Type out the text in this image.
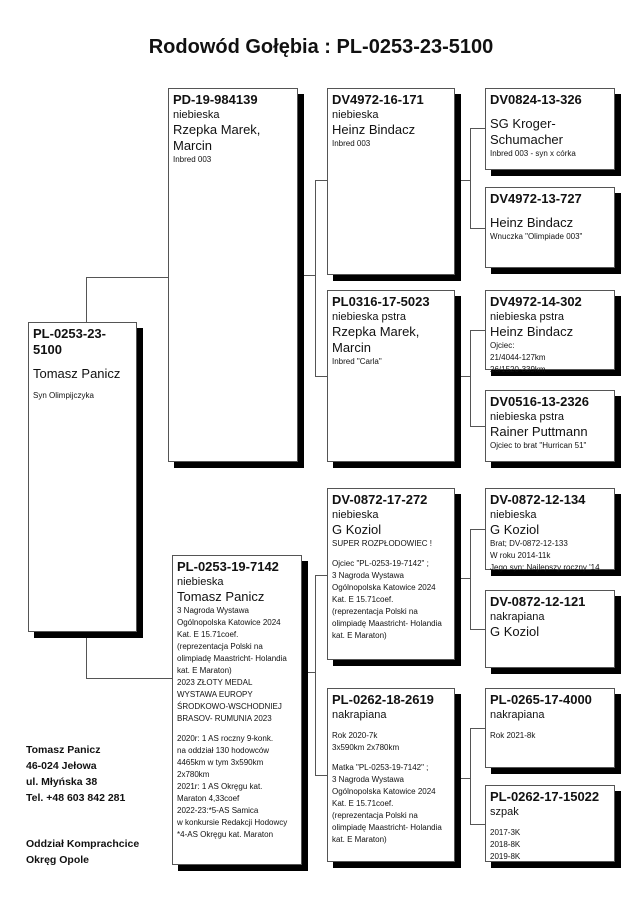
Rodowód Gołębia : PL-0253-23-5100
PL-0253-23-5100
Tomasz Panicz
Syn Olimpijczyka
PD-19-984139
niebieska
Rzepka Marek, Marcin
Inbred 003
PL-0253-19-7142
niebieska
Tomasz Panicz
3 Nagroda Wystawa
Ogólnopolska Katowice 2024
Kat. E 15.71coef.
(reprezentacja Polski na
olimpiadę Maastricht- Holandia
kat. E Maraton)
2023 ZŁOTY MEDAL
WYSTAWA EUROPY
ŚRODKOWO-WSCHODNIEJ
BRASOV- RUMUNIA 2023
2020r: 1 AS roczny 9-konk.
na oddział 130 hodowców
4465km w tym 3x590km
2x780km
2021r: 1 AS Okręgu kat.
Maraton 4,33coef
2022-23:*5-AS Samica
w konkursie Redakcji Hodowcy
*4-AS Okręgu kat. Maraton
DV4972-16-171
niebieska
Heinz Bindacz
Inbred 003
PL0316-17-5023
niebieska pstra
Rzepka Marek, Marcin
Inbred "Carla"
DV-0872-17-272
niebieska
G Koziol
SUPER ROZPŁODOWIEC !
Ojciec "PL-0253-19-7142" ;
3 Nagroda Wystawa
Ogólnopolska Katowice 2024
Kat. E 15.71coef.
(reprezentacja Polski na
olimpiadę Maastricht- Holandia
kat. E Maraton)
PL-0262-18-2619
nakrapiana
Rok 2020-7k
3x590km 2x780km
Matka "PL-0253-19-7142" ;
3 Nagroda Wystawa
Ogólnopolska Katowice 2024
Kat. E 15.71coef.
(reprezentacja Polski na
olimpiadę Maastricht- Holandia
kat. E Maraton)
DV0824-13-326
SG Kroger-Schumacher
Inbred 003 - syn x córka
DV4972-13-727
Heinz Bindacz
Wnuczka "Olimpiade 003"
DV4972-14-302
niebieska pstra
Heinz Bindacz
Ojciec:
21/4044-127km
26/1520-339km
DV0516-13-2326
niebieska pstra
Rainer Puttmann
Ojciec to brat "Hurrican 51"
DV-0872-12-134
niebieska
G Koziol
Brat; DV-0872-12-133
W roku 2014-11k
Jego syn; Najlepszy roczny '14
DV-0872-12-121
nakrapiana
G Koziol
PL-0265-17-4000
nakrapiana
Rok 2021-8k
PL-0262-17-15022
szpak
2017-3K
2018-8K
2019-8K
Tomasz Panicz
46-024 Jełowa
ul. Młyńska 38
Tel. +48 603 842 281
Oddział Komprachcice
Okręg Opole
